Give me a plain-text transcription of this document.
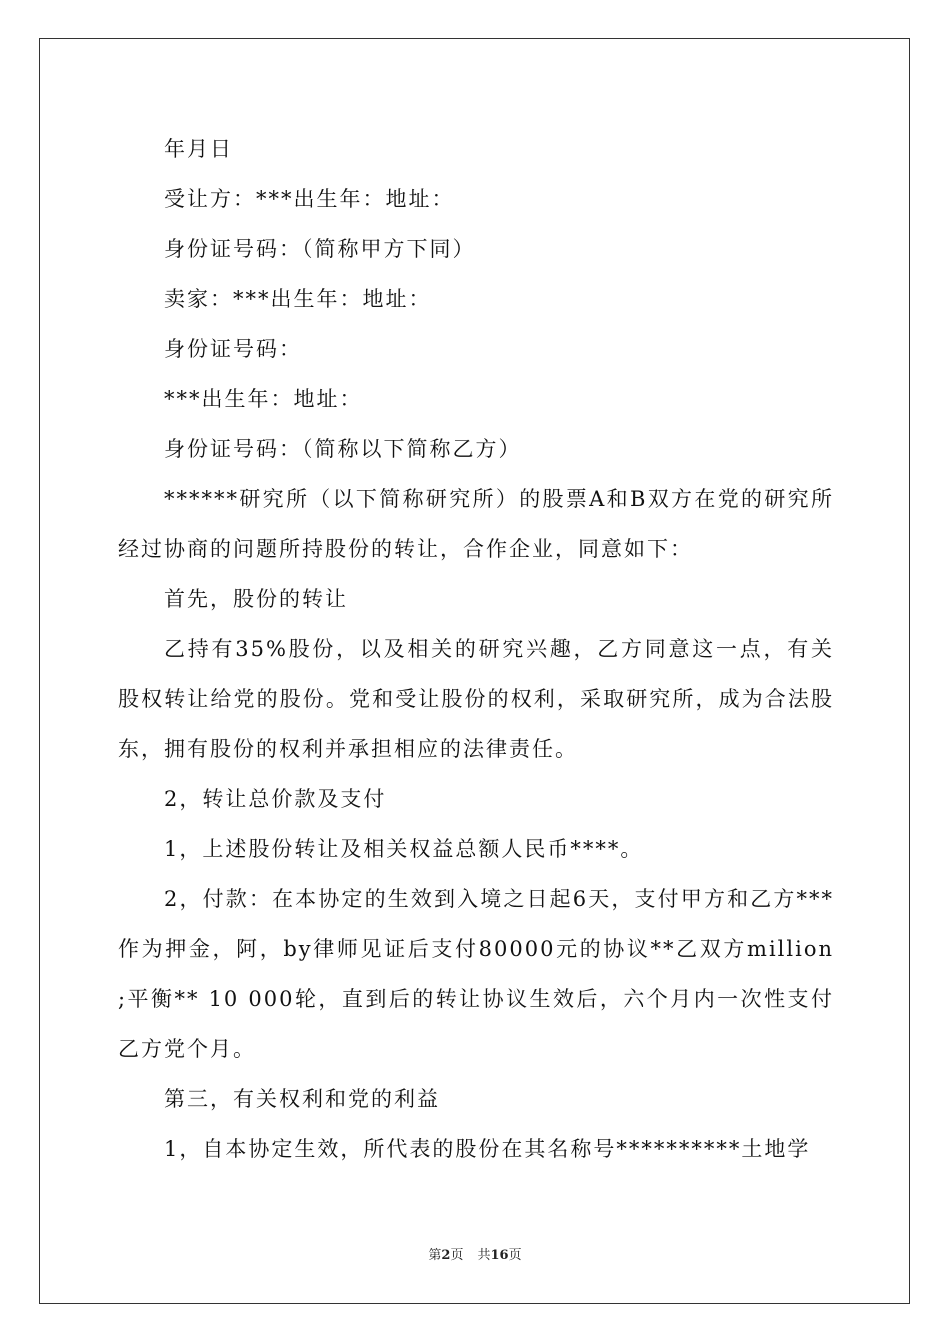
年月日

受让方：***出生年：地址：

身份证号码：（简称甲方下同）

卖家：***出生年：地址：

身份证号码：

***出生年：地址：

身份证号码：（简称以下简称乙方）

******研究所（以下简称研究所）的股票A和B双方在党的研究所经过协商的问题所持股份的转让，合作企业，同意如下：

首先，股份的转让

乙持有35%股份，以及相关的研究兴趣，乙方同意这一点，有关股权转让给党的股份。党和受让股份的权利，采取研究所，成为合法股东，拥有股份的权利并承担相应的法律责任。

2，转让总价款及支付

1，上述股份转让及相关权益总额人民币****。

2，付款：在本协定的生效到入境之日起6天，支付甲方和乙方***作为押金，阿，by律师见证后支付80000元的协议**乙双方million ;平衡** 10 000轮，直到后的转让协议生效后，六个月内一次性支付乙方党个月。

第三，有关权利和党的利益

1，自本协定生效，所代表的股份在其名称号**********土地学

第2页 共16页
